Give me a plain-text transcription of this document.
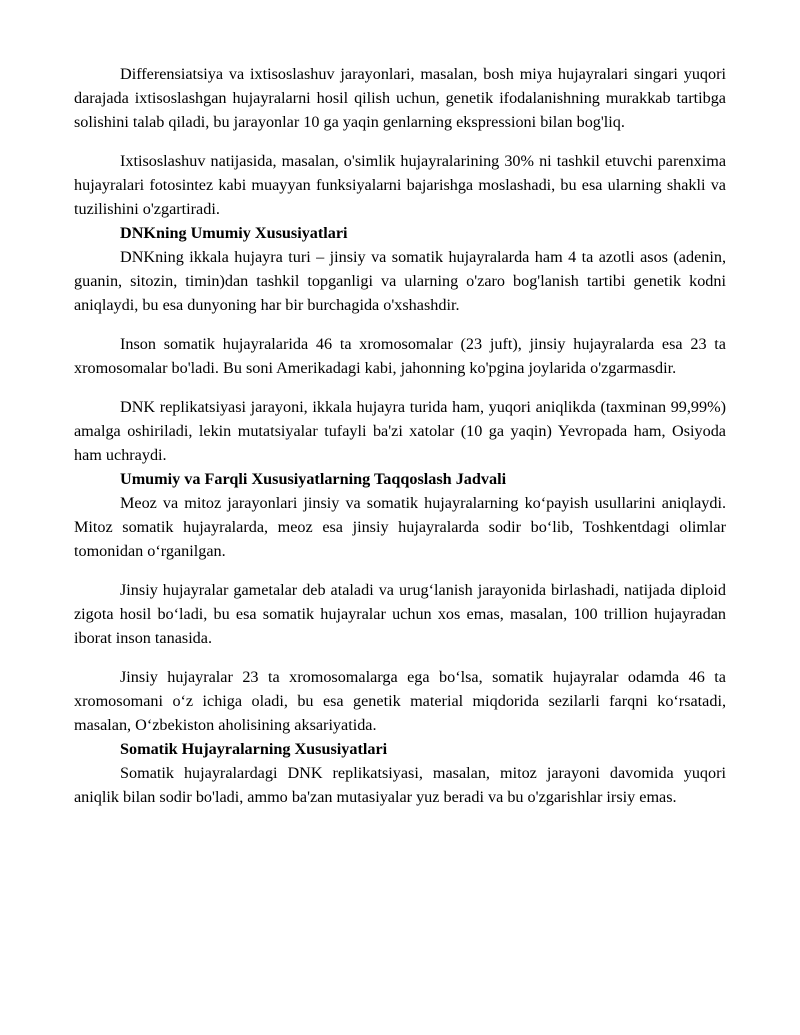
Differensiatsiya va ixtisoslashuv jarayonlari, masalan, bosh miya hujayralari singari yuqori darajada ixtisoslashgan hujayralarni hosil qilish uchun, genetik ifodalanishning murakkab tartibga solishini talab qiladi, bu jarayonlar 10 ga yaqin genlarning ekspressioni bilan bog'liq.

Ixtisoslashuv natijasida, masalan, o'simlik hujayralarining 30% ni tashkil etuvchi parenxima hujayralari fotosintez kabi muayyan funksiyalarni bajarishga moslashadi, bu esa ularning shakli va tuzilishini o'zgartiradi.

DNKning Umumiy Xususiyatlari

DNKning ikkala hujayra turi – jinsiy va somatik hujayralarda ham 4 ta azotli asos (adenin, guanin, sitozin, timin)dan tashkil topganligi va ularning o'zaro bog'lanish tartibi genetik kodni aniqlaydi, bu esa dunyoning har bir burchagida o'xshashdir.

Inson somatik hujayralarida 46 ta xromosomalar (23 juft), jinsiy hujayralarda esa 23 ta xromosomalar bo'ladi. Bu soni Amerikadagi kabi, jahonning ko'pgina joylarida o'zgarmasdir.

DNK replikatsiyasi jarayoni, ikkala hujayra turida ham, yuqori aniqlikda (taxminan 99,99%) amalga oshiriladi, lekin mutatsiyalar tufayli ba'zi xatolar (10 ga yaqin) Yevropada ham, Osiyoda ham uchraydi.

Umumiy va Farqli Xususiyatlarning Taqqoslash Jadvali

Meoz va mitoz jarayonlari jinsiy va somatik hujayralarning ko‘payish usullarini aniqlaydi. Mitoz somatik hujayralarda, meoz esa jinsiy hujayralarda sodir bo‘lib, Toshkentdagi olimlar tomonidan o‘rganilgan.

Jinsiy hujayralar gametalar deb ataladi va urug‘lanish jarayonida birlashadi, natijada diploid zigota hosil bo‘ladi, bu esa somatik hujayralar uchun xos emas, masalan, 100 trillion hujayradan iborat inson tanasida.

Jinsiy hujayralar 23 ta xromosomalarga ega bo‘lsa, somatik hujayralar odamda 46 ta xromosomani o‘z ichiga oladi, bu esa genetik material miqdorida sezilarli farqni ko‘rsatadi, masalan, O‘zbekiston aholisining aksariyatida.

Somatik Hujayralarning Xususiyatlari

Somatik hujayralardagi DNK replikatsiyasi, masalan, mitoz jarayoni davomida yuqori aniqlik bilan sodir bo'ladi, ammo ba'zan mutasiyalar yuz beradi va bu o'zgarishlar irsiy emas.
